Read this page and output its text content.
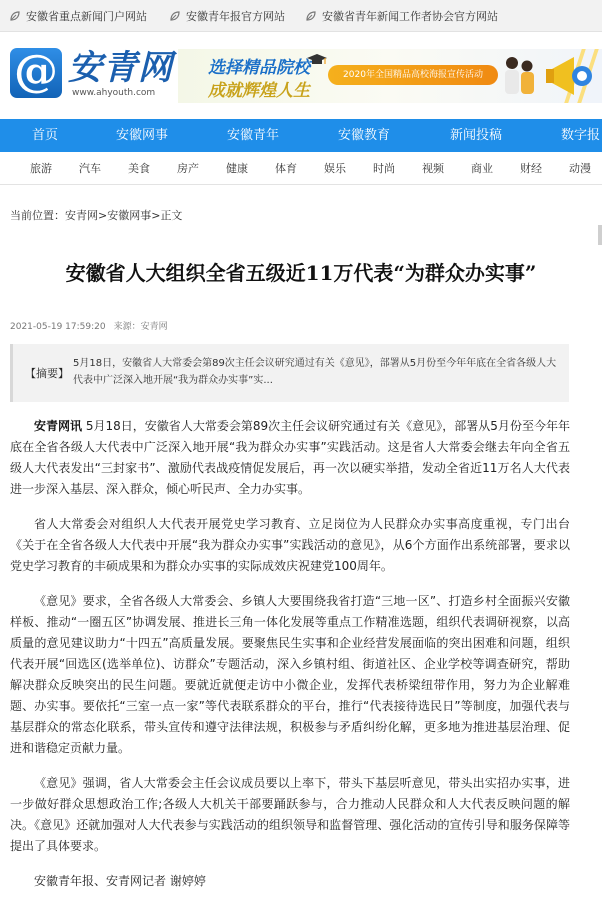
安徽省重点新闻门户网站	安徽青年报官方网站	安徽省青年新闻工作者协会官方网站
@ 安青网
www.ahyouth.com
选择精品院校
成就辉煌人生
2020年全国精品高校海报宣传活动
首页	安徽网事	安徽青年	安徽教育	新闻投稿	数字报
旅游 汽车 美食 房产 健康 体育 娱乐 时尚 视频 商业 财经 动漫
当前位置：安青网>安徽网事>正文
安徽省人大组织全省五级近11万代表“为群众办实事”
2021-05-19 17:59:20 来源：安青网
【摘要】
5月18日，安徽省人大常委会第89次主任会议研究通过有关《意见》，部署从5月份至今年年底在全省各级人大代表中广泛深入地开展“我为群众办实事”实...

安青网讯 5月18日，安徽省人大常委会第89次主任会议研究通过有关《意见》，部署从5月份至今年年底在全省各级人大代表中广泛深入地开展“我为群众办实事”实践活动。这是省人大常委会继去年向全省五级人大代表发出“三封家书”、激励代表战疫情促发展后，再一次以硬实举措，发动全省近11万名人大代表进一步深入基层、深入群众，倾心听民声、全力办实事。

省人大常委会对组织人大代表开展党史学习教育、立足岗位为人民群众办实事高度重视，专门出台《关于在全省各级人大代表中开展“我为群众办实事”实践活动的意见》，从6个方面作出系统部署，要求以党史学习教育的丰硕成果和为群众办实事的实际成效庆祝建党100周年。

《意见》要求，全省各级人大常委会、乡镇人大要围绕我省打造“三地一区”、打造乡村全面振兴安徽样板、推动“一圈五区”协调发展、推进长三角一体化发展等重点工作精准选题，组织代表调研视察，以高质量的意见建议助力“十四五”高质量发展。要聚焦民生实事和企业经营发展面临的突出困难和问题，组织代表开展“回选区(选举单位)、访群众”专题活动，深入乡镇村组、街道社区、企业学校等调查研究，帮助解决群众反映突出的民生问题。要就近就便走访中小微企业，发挥代表桥梁纽带作用，努力为企业解难题、办实事。要依托“三室一点一家”等代表联系群众的平台，推行“代表接待选民日”等制度，加强代表与基层群众的常态化联系，带头宣传和遵守法律法规，积极参与矛盾纠纷化解，更多地为推进基层治理、促进和谐稳定贡献力量。

《意见》强调，省人大常委会主任会议成员要以上率下，带头下基层听意见，带头出实招办实事，进一步做好群众思想政治工作;各级人大机关干部要踊跃参与，合力推动人民群众和人大代表反映问题的解决。《意见》还就加强对人大代表参与实践活动的组织领导和监督管理、强化活动的宣传引导和服务保障等提出了具体要求。

安徽青年报、安青网记者 谢婷婷
